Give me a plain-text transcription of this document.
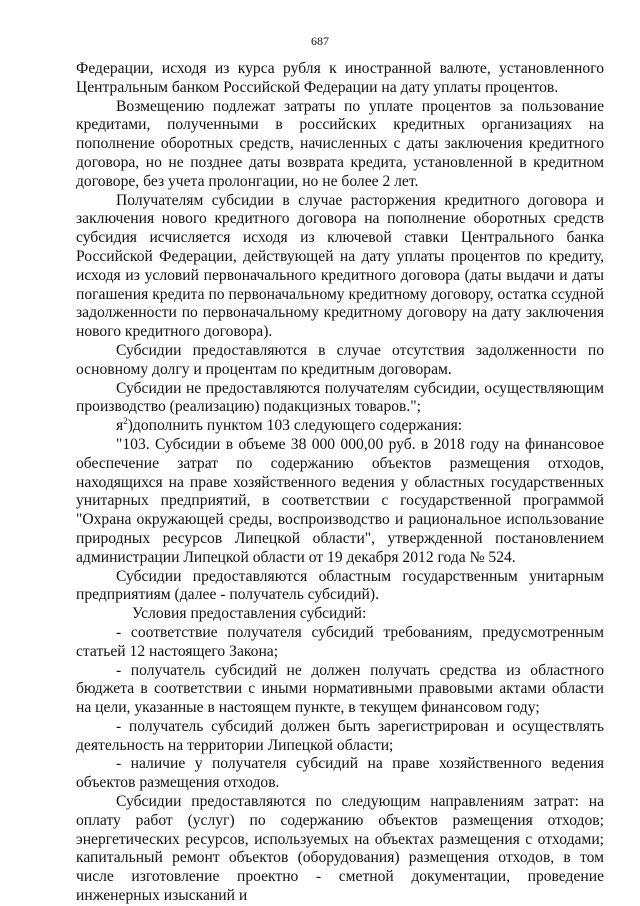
687

Федерации, исходя из курса рубля к иностранной валюте, установленного Центральным банком Российской Федерации на дату уплаты процентов.

Возмещению подлежат затраты по уплате процентов за пользование кредитами, полученными в российских кредитных организациях на пополнение оборотных средств, начисленных с даты заключения кредитного договора, но не позднее даты возврата кредита, установленной в кредитном договоре, без учета пролонгации, но не более 2 лет.

Получателям субсидии в случае расторжения кредитного договора и заключения нового кредитного договора на пополнение оборотных средств субсидия исчисляется исходя из ключевой ставки Центрального банка Российской Федерации, действующей на дату уплаты процентов по кредиту, исходя из условий первоначального кредитного договора (даты выдачи и даты погашения кредита по первоначальному кредитному договору, остатка ссудной задолженности по первоначальному кредитному договору на дату заключения нового кредитного договора).

Субсидии предоставляются в случае отсутствия задолженности по основному долгу и процентам по кредитным договорам.

Субсидии не предоставляются получателям субсидии, осуществляющим производство (реализацию) подакцизных товаров.";

$я^2)дополнить$ пунктом 103 следующего содержания:

"103. Субсидии в объеме 38 000 000,00 руб. в 2018 году на финансовое обеспечение затрат по содержанию объектов размещения отходов, находящихся на праве хозяйственного ведения у областных государственных унитарных предприятий, в соответствии с государственной программой "Охрана окружающей среды, воспроизводство и рациональное использование природных ресурсов Липецкой области", утвержденной постановлением администрации Липецкой области от 19 декабря 2012 года № 524.

Субсидии предоставляются областным государственным унитарным предприятиям (далее - получатель субсидий).

Условия предоставления субсидий:

- соответствие получателя субсидий требованиям, предусмотренным статьей 12 настоящего Закона;

- получатель субсидий не должен получать средства из областного бюджета в соответствии с иными нормативными правовыми актами области на цели, указанные в настоящем пункте, в текущем финансовом году;

- получатель субсидий должен быть зарегистрирован и осуществлять деятельность на территории Липецкой области;

- наличие у получателя субсидий на праве хозяйственного ведения объектов размещения отходов.

Субсидии предоставляются по следующим направлениям затрат: на оплату работ (услуг) по содержанию объектов размещения отходов; энергетических ресурсов, используемых на объектах размещения с отходами; капитальный ремонт объектов (оборудования) размещения отходов, в том числе изготовление проектно - сметной документации, проведение инженерных изысканий и
